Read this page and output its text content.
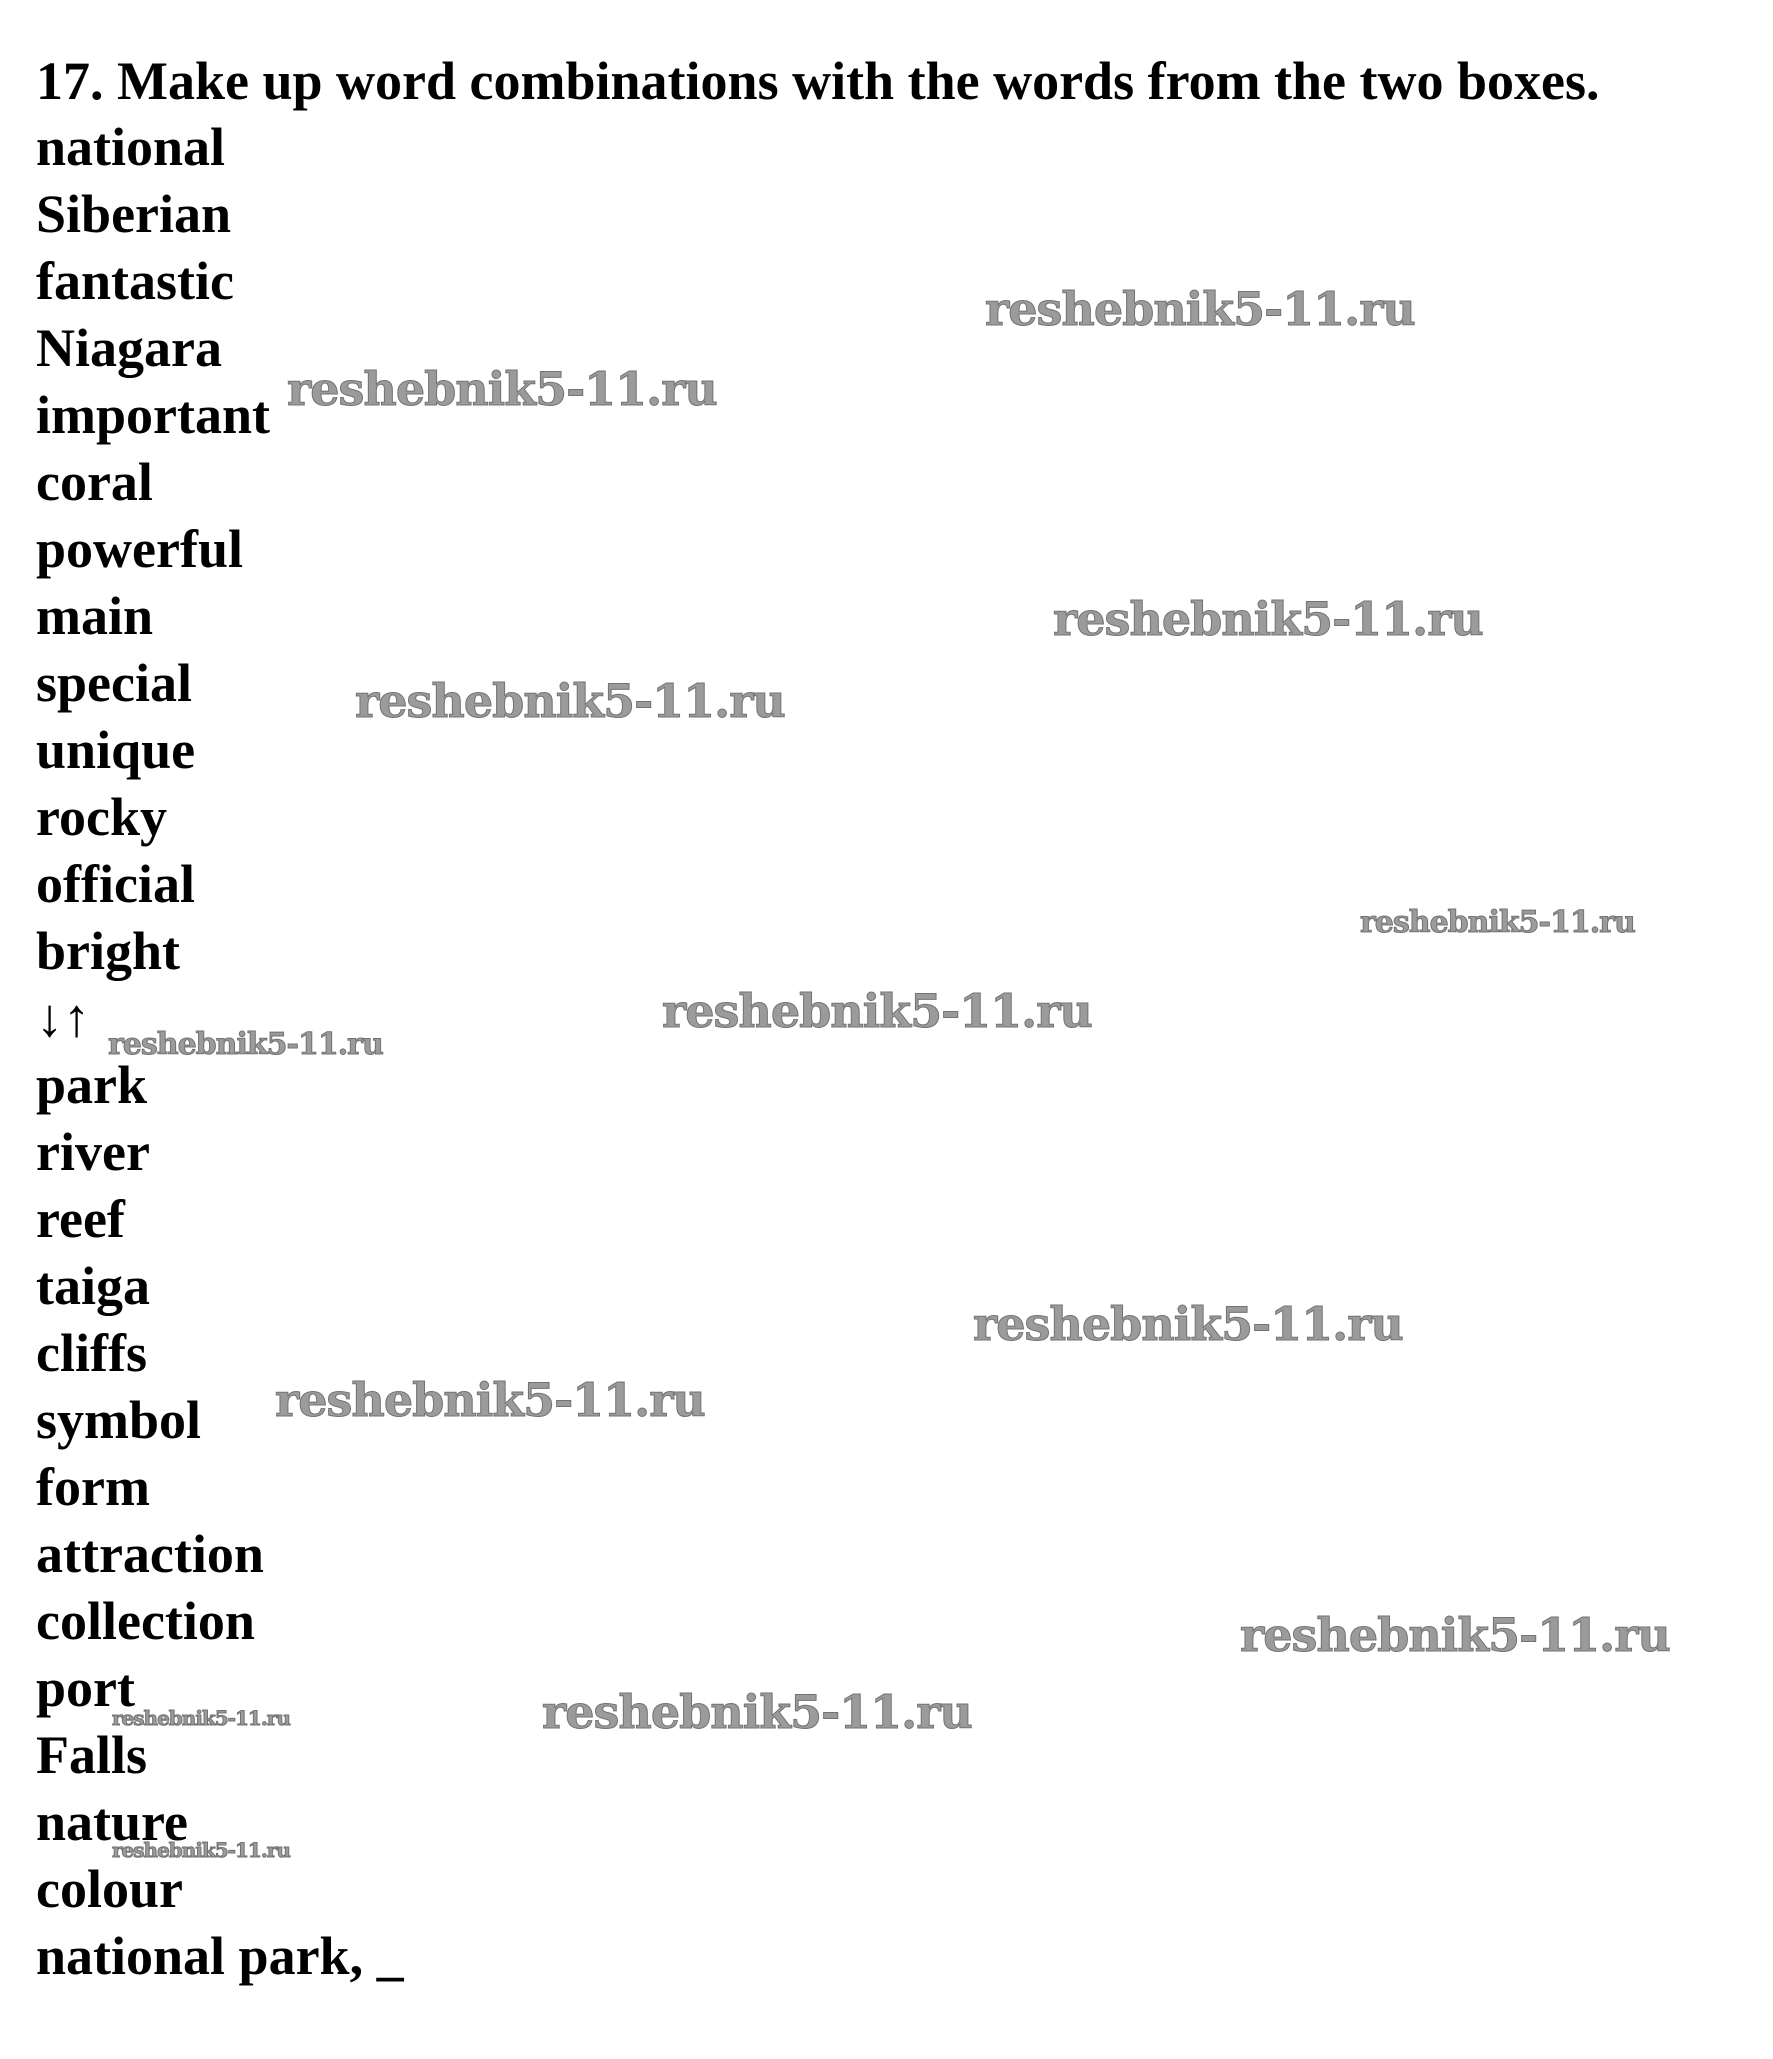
17. Make up word combinations with the words from the two boxes.

national
Siberian
fantastic
Niagara
important
coral
powerful
main
special
unique
rocky
official
bright
↓↑
park
river
reef
taiga
cliffs
symbol
form
attraction
collection
port
Falls
nature
colour
national park, _
reshebnik5-11.ru
reshebnik5-11.ru
reshebnik5-11.ru
reshebnik5-11.ru
reshebnik5-11.ru
reshebnik5-11.ru
reshebnik5-11.ru
reshebnik5-11.ru
reshebnik5-11.ru
reshebnik5-11.ru
reshebnik5-11.ru
reshebnik5-11.ru
reshebnik5-11.ru
